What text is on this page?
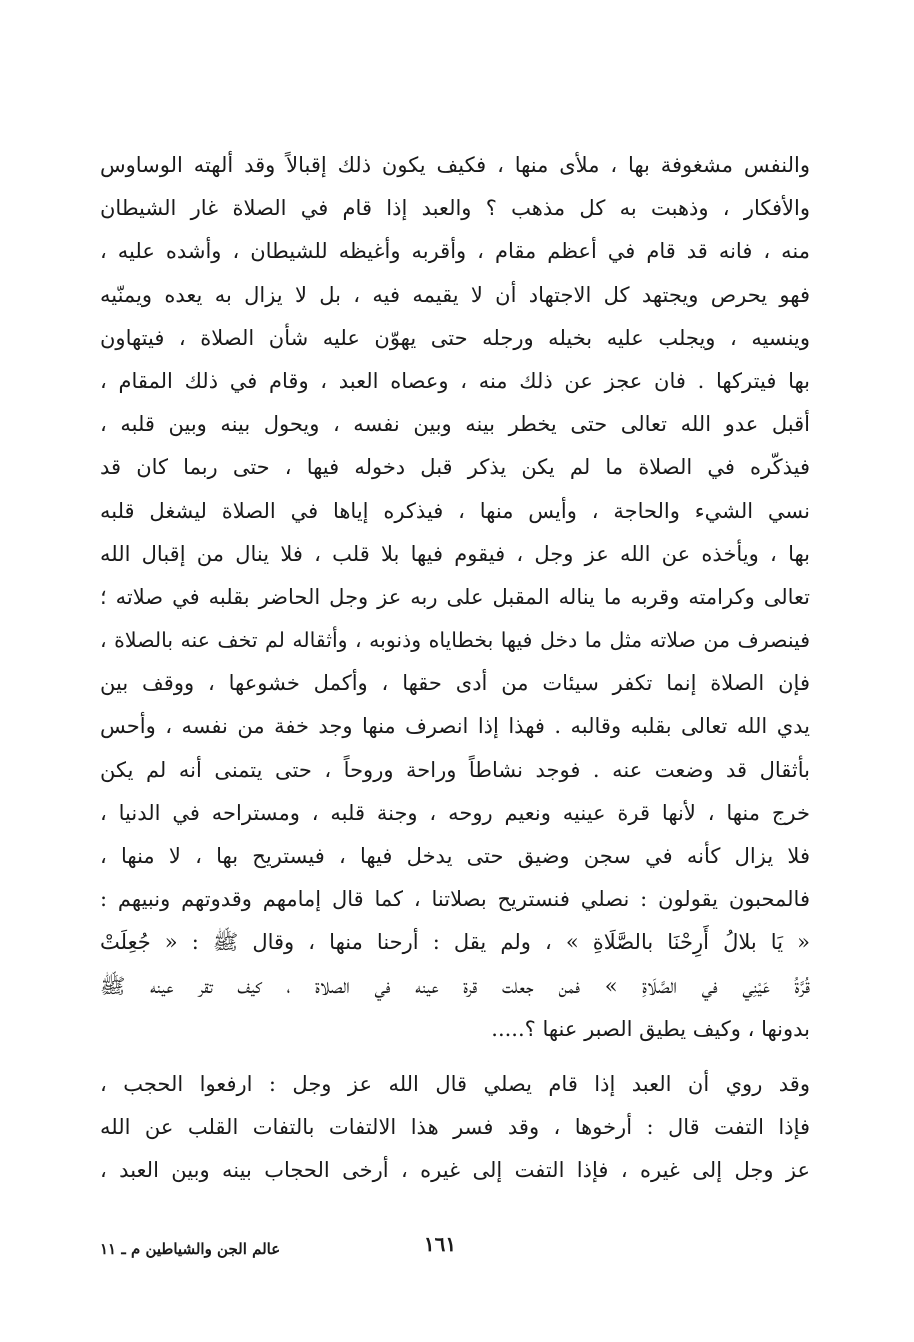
والنفس مشغوفة بها ، ملأى منها ، فكيف يكون ذلك إقبالاً وقد ألهته الوساوس
والأفكار ، وذهبت به كل مذهب ؟ والعبد إذا قام في الصلاة غار الشيطان
منه ، فانه قد قام في أعظم مقام ، وأقربه وأغيظه للشيطان ، وأشده عليه ،
فهو يحرص ويجتهد كل الاجتهاد أن لا يقيمه فيه ، بل لا يزال به يعده ويمنّيه
وينسيه ، ويجلب عليه بخيله ورجله حتى يهوّن عليه شأن الصلاة ، فيتهاون
بها فيتركها . فان عجز عن ذلك منه ، وعصاه العبد ، وقام في ذلك المقام ،
أقبل عدو الله تعالى حتى يخطر بينه وبين نفسه ، ويحول بينه وبين قلبه ،
فيذكّره في الصلاة ما لم يكن يذكر قبل دخوله فيها ، حتى ربما كان قد
نسي الشيء والحاجة ، وأيس منها ، فيذكره إياها في الصلاة ليشغل قلبه
بها ، ويأخذه عن الله عز وجل ، فيقوم فيها بلا قلب ، فلا ينال من إقبال الله
تعالى وكرامته وقربه ما يناله المقبل على ربه عز وجل الحاضر بقلبه في صلاته ؛
فينصرف من صلاته مثل ما دخل فيها بخطاياه وذنوبه ، وأثقاله لم تخف عنه بالصلاة ،
فإن الصلاة إنما تكفر سيئات من أدى حقها ، وأكمل خشوعها ، ووقف بين
يدي الله تعالى بقلبه وقالبه . فهذا إذا انصرف منها وجد خفة من نفسه ، وأحس
بأثقال قد وضعت عنه . فوجد نشاطاً وراحة وروحاً ، حتى يتمنى أنه لم يكن
خرج منها ، لأنها قرة عينيه ونعيم روحه ، وجنة قلبه ، ومستراحه في الدنيا ،
فلا يزال كأنه في سجن وضيق حتى يدخل فيها ، فيستريح بها ، لا منها ،
فالمحبون يقولون : نصلي فنستريح بصلاتنا ، كما قال إمامهم وقدوتهم ونبيهم :
« يَا بلالُ أَرِحْنَا بالصَّلَاةِ » ، ولم يقل : أرحنا منها ، وقال ﷺ : « جُعِلَتْ
قُرَّةُ عَيْنِي في الصَّلَاةِ » فمن جعلت قرة عينه في الصلاة ، كيف تقر عينه ﷺ
بدونها ، وكيف يطيق الصبر عنها ؟.....
وقد روي أن العبد إذا قام يصلي قال الله عز وجل : ارفعوا الحجب ،
فإذا التفت قال : أرخوها ، وقد فسر هذا الالتفات بالتفات القلب عن الله
عز وجل إلى غيره ، فإذا التفت إلى غيره ، أرخى الحجاب بينه وبين العبد ،
١٦١
عالم الجن والشياطين م ـ ١١
